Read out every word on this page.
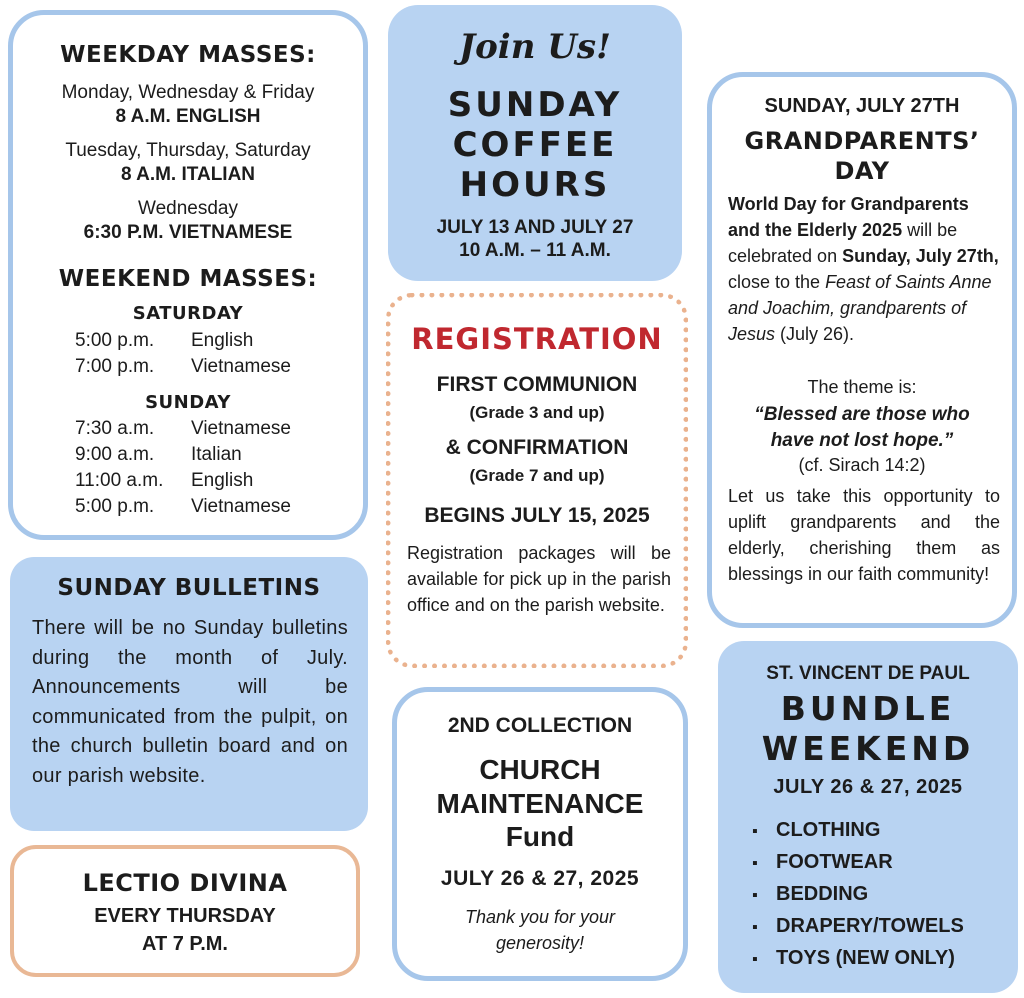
WEEKDAY MASSES:

Monday, Wednesday & Friday

8 A.M. ENGLISH

Tuesday, Thursday, Saturday

8 A.M. ITALIAN

Wednesday

6:30 P.M. VIETNAMESE

WEEKEND MASSES:

SATURDAY

5:00 p.m.	English
7:00 p.m.	Vietnamese

SUNDAY

7:30 a.m.	Vietnamese
9:00 a.m.	Italian
11:00 a.m.	English
5:00 p.m.	Vietnamese

Join Us!

SUNDAY

COFFEE

HOURS

JULY 13 AND JULY 27

10 A.M. – 11 A.M.

REGISTRATION

FIRST COMMUNION

(Grade 3 and up)

& CONFIRMATION

(Grade 7 and up)

BEGINS JULY 15, 2025

Registration packages will be available for pick up in the parish office and on the parish website.

SUNDAY, JULY 27TH

GRANDPARENTS’

DAY

World Day for Grandparents and the Elderly 2025 will be celebrated on Sunday, July 27th, close to the Feast of Saints Anne and Joachim, grandparents of Jesus (July 26).

The theme is:

“Blessed are those who have not lost hope.”

(cf. Sirach 14:2)

Let us take this opportunity to uplift grandparents and the elderly, cherishing them as blessings in our faith community!

SUNDAY BULLETINS

There will be no Sunday bulletins during the month of July. Announcements will be communicated from the pulpit, on the church bulletin board and on our parish website.

LECTIO DIVINA

EVERY THURSDAY

AT 7 P.M.

2ND COLLECTION

CHURCH

MAINTENANCE

Fund

JULY 26 & 27, 2025

Thank you for your generosity!

ST. VINCENT DE PAUL

BUNDLE

WEEKEND

JULY 26 & 27, 2025

▪ CLOTHING
▪ FOOTWEAR
▪ BEDDING
▪ DRAPERY/TOWELS
▪ TOYS (NEW ONLY)
